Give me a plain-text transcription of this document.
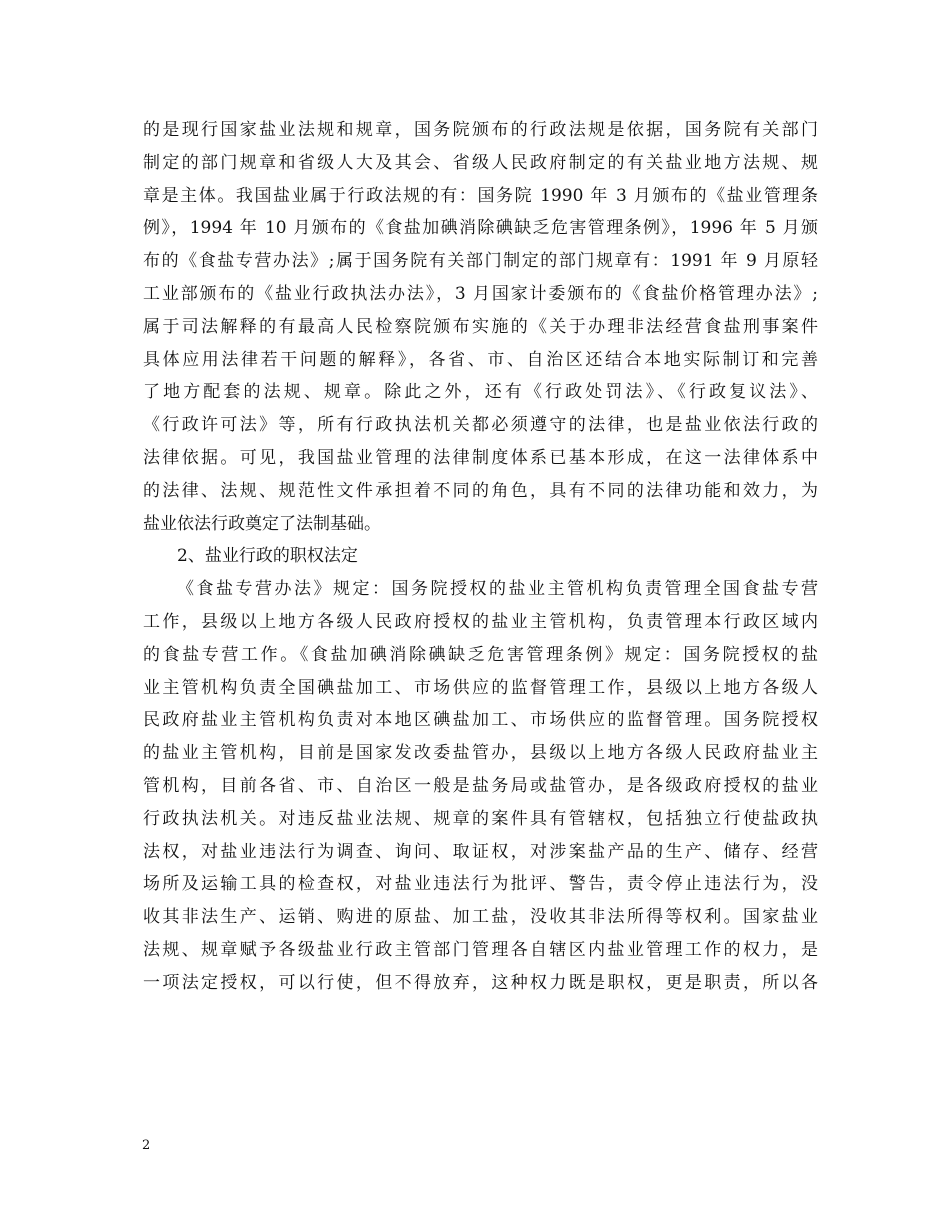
的是现行国家盐业法规和规章，国务院颁布的行政法规是依据，国务院有关部门
制定的部门规章和省级人大及其会、省级人民政府制定的有关盐业地方法规、规
章是主体。我国盐业属于行政法规的有：国务院 1990 年 3 月颁布的《盐业管理条
例》，1994 年 10 月颁布的《食盐加碘消除碘缺乏危害管理条例》，1996 年 5 月颁
布的《食盐专营办法》;属于国务院有关部门制定的部门规章有：1991 年 9 月原轻
工业部颁布的《盐业行政执法办法》，3 月国家计委颁布的《食盐价格管理办法》;
属于司法解释的有最高人民检察院颁布实施的《关于办理非法经营食盐刑事案件
具体应用法律若干问题的解释》，各省、市、自治区还结合本地实际制订和完善
了地方配套的法规、规章。除此之外，还有《行政处罚法》、《行政复议法》、
《行政许可法》等，所有行政执法机关都必须遵守的法律，也是盐业依法行政的
法律依据。可见，我国盐业管理的法律制度体系已基本形成，在这一法律体系中
的法律、法规、规范性文件承担着不同的角色，具有不同的法律功能和效力，为
盐业依法行政奠定了法制基础。
2、盐业行政的职权法定
《食盐专营办法》规定：国务院授权的盐业主管机构负责管理全国食盐专营
工作，县级以上地方各级人民政府授权的盐业主管机构，负责管理本行政区域内
的食盐专营工作。《食盐加碘消除碘缺乏危害管理条例》规定：国务院授权的盐
业主管机构负责全国碘盐加工、市场供应的监督管理工作，县级以上地方各级人
民政府盐业主管机构负责对本地区碘盐加工、市场供应的监督管理。国务院授权
的盐业主管机构，目前是国家发改委盐管办，县级以上地方各级人民政府盐业主
管机构，目前各省、市、自治区一般是盐务局或盐管办，是各级政府授权的盐业
行政执法机关。对违反盐业法规、规章的案件具有管辖权，包括独立行使盐政执
法权，对盐业违法行为调查、询问、取证权，对涉案盐产品的生产、储存、经营
场所及运输工具的检查权，对盐业违法行为批评、警告，责令停止违法行为，没
收其非法生产、运销、购进的原盐、加工盐，没收其非法所得等权利。国家盐业
法规、规章赋予各级盐业行政主管部门管理各自辖区内盐业管理工作的权力，是
一项法定授权，可以行使，但不得放弃，这种权力既是职权，更是职责，所以各
2
